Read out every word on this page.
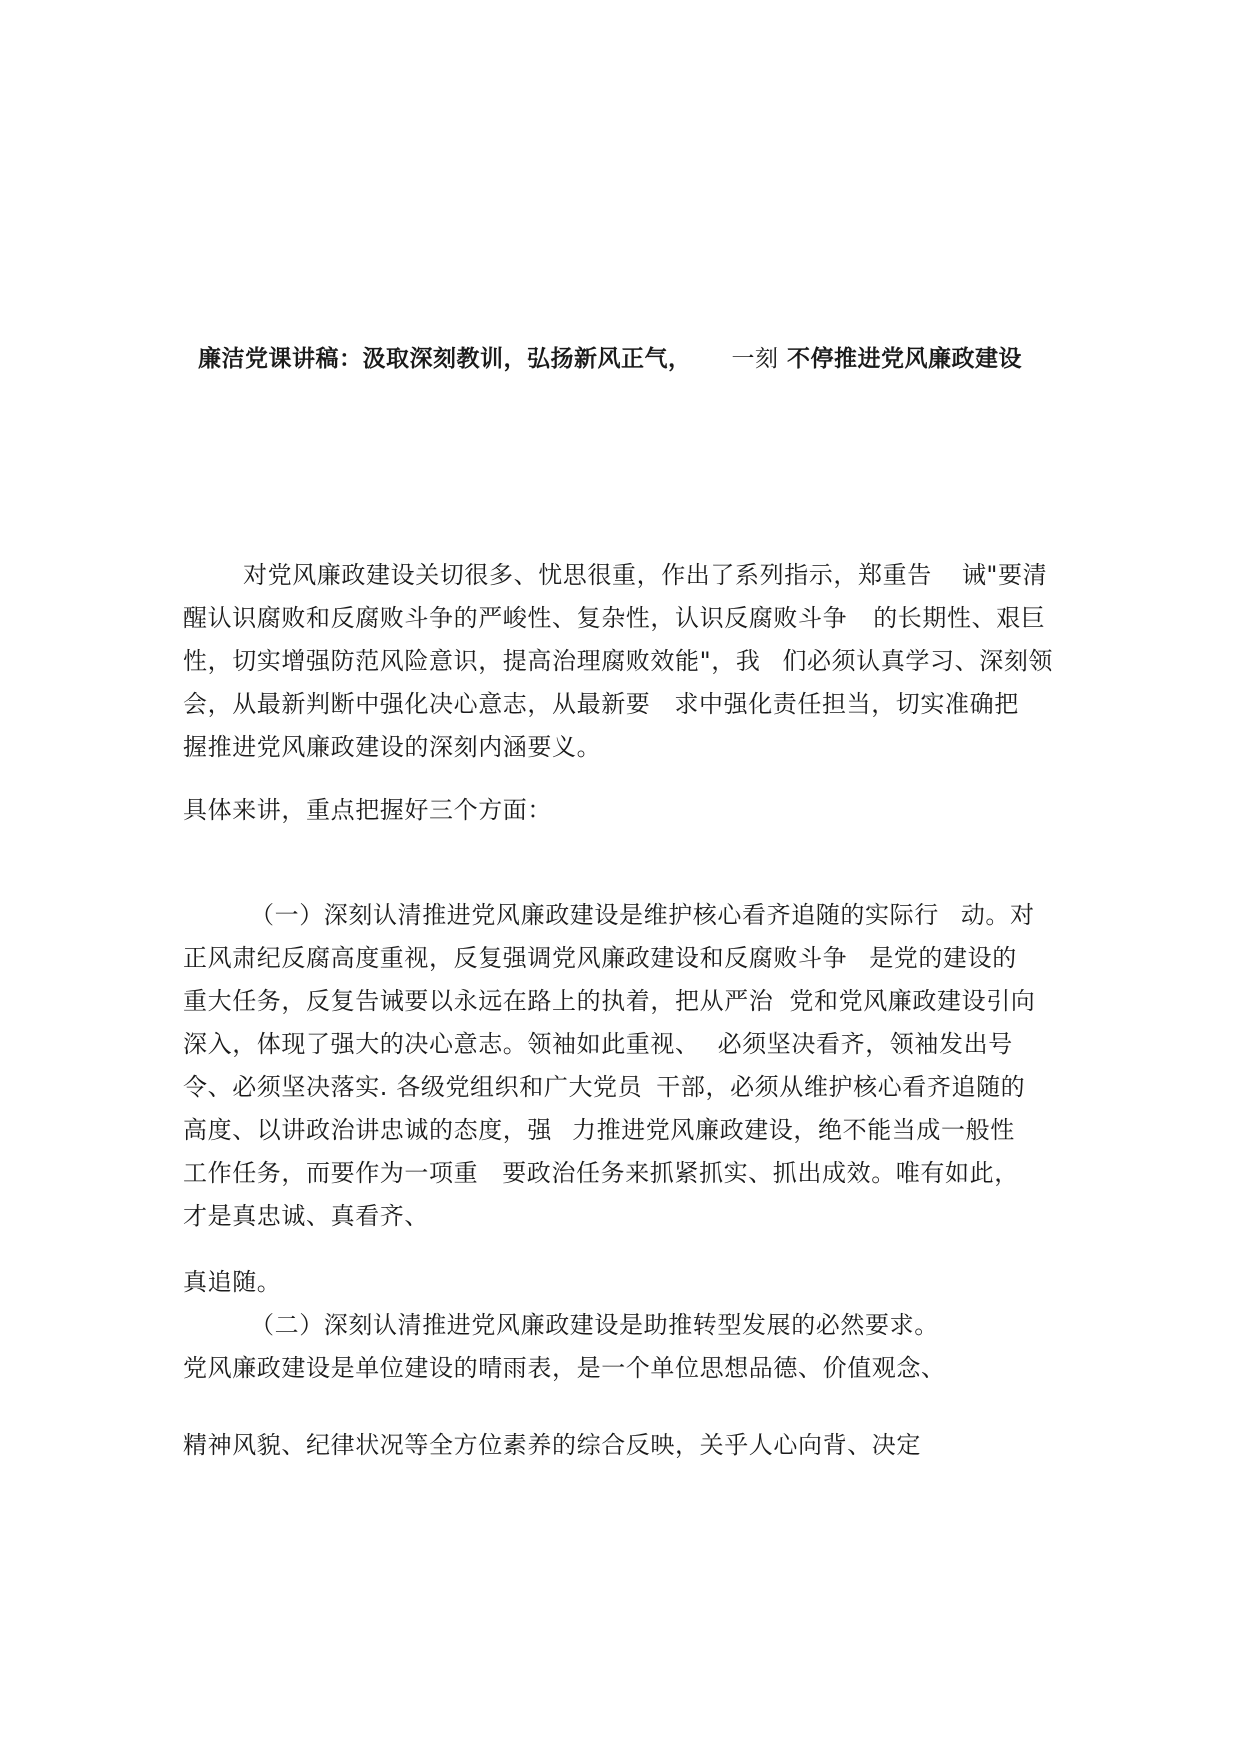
廉洁党课讲稿：汲取深刻教训，弘扬新风正气， 一刻 不停推进党风廉政建设
对党风廉政建设关切很多、忧思很重，作出了系列指示，郑重告 诫"要清
醒认识腐败和反腐败斗争的严峻性、复杂性，认识反腐败斗争 的长期性、艰巨
性，切实增强防范风险意识，提高治理腐败效能"，我 们必须认真学习、深刻领
会，从最新判断中强化决心意志，从最新要 求中强化责任担当，切实准确把
握推进党风廉政建设的深刻内涵要义。
具体来讲，重点把握好三个方面：
（一）深刻认清推进党风廉政建设是维护核心看齐追随的实际行 动。对
正风肃纪反腐高度重视，反复强调党风廉政建设和反腐败斗争 是党的建设的
重大任务，反复告诫要以永远在路上的执着，把从严治 党和党风廉政建设引向
深入，体现了强大的决心意志。领袖如此重视、 必须坚决看齐，领袖发出号
令、必须坚决落实. 各级党组织和广大党员 干部，必须从维护核心看齐追随的
高度、以讲政治讲忠诚的态度，强 力推进党风廉政建设，绝不能当成一般性
工作任务，而要作为一项重 要政治任务来抓紧抓实、抓出成效。唯有如此，
才是真忠诚、真看齐、
真追随。
（二）深刻认清推进党风廉政建设是助推转型发展的必然要求。
党风廉政建设是单位建设的晴雨表，是一个单位思想品德、价值观念、
精神风貌、纪律状况等全方位素养的综合反映，关乎人心向背、决定
